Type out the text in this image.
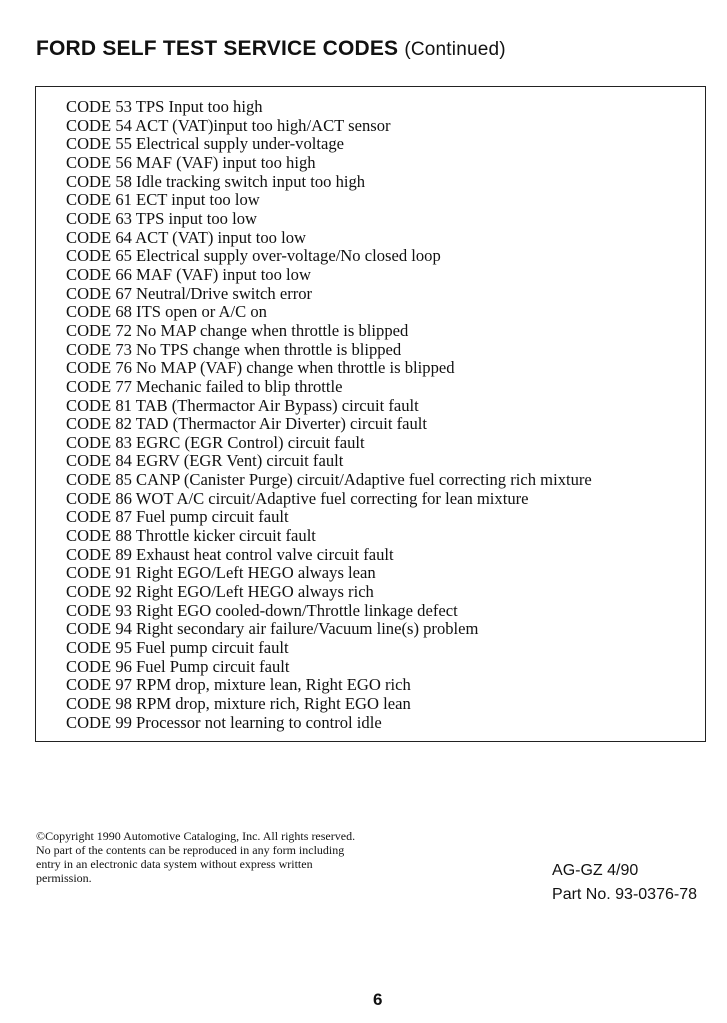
FORD SELF TEST SERVICE CODES (Continued)
CODE 53 TPS Input too high
CODE 54 ACT (VAT)input too high/ACT sensor
CODE 55 Electrical supply under-voltage
CODE 56 MAF (VAF) input too high
CODE 58 Idle tracking switch input too high
CODE 61 ECT input too low
CODE 63 TPS input too low
CODE 64 ACT (VAT) input too low
CODE 65 Electrical supply over-voltage/No closed loop
CODE 66 MAF (VAF) input too low
CODE 67 Neutral/Drive switch error
CODE 68 ITS open or A/C on
CODE 72 No MAP change when throttle is blipped
CODE 73 No TPS change when throttle is blipped
CODE 76 No MAP (VAF) change when throttle is blipped
CODE 77 Mechanic failed to blip throttle
CODE 81 TAB (Thermactor Air Bypass) circuit fault
CODE 82 TAD (Thermactor Air Diverter) circuit fault
CODE 83 EGRC (EGR Control) circuit fault
CODE 84 EGRV (EGR Vent) circuit fault
CODE 85 CANP (Canister Purge) circuit/Adaptive fuel correcting rich mixture
CODE 86 WOT A/C circuit/Adaptive fuel correcting for lean mixture
CODE 87 Fuel pump circuit fault
CODE 88 Throttle kicker circuit fault
CODE 89 Exhaust heat control valve circuit fault
CODE 91 Right EGO/Left HEGO always lean
CODE 92 Right EGO/Left HEGO always rich
CODE 93 Right EGO cooled-down/Throttle linkage defect
CODE 94 Right secondary air failure/Vacuum line(s) problem
CODE 95 Fuel pump circuit fault
CODE 96 Fuel Pump circuit fault
CODE 97 RPM drop, mixture lean, Right EGO rich
CODE 98 RPM drop, mixture rich, Right EGO lean
CODE 99 Processor not learning to control idle
©Copyright 1990 Automotive Cataloging, Inc. All rights reserved. No part of the contents can be reproduced in any form including entry in an electronic data system without express written permission.	AG-GZ 4/90
Part No. 93-0376-78
6
